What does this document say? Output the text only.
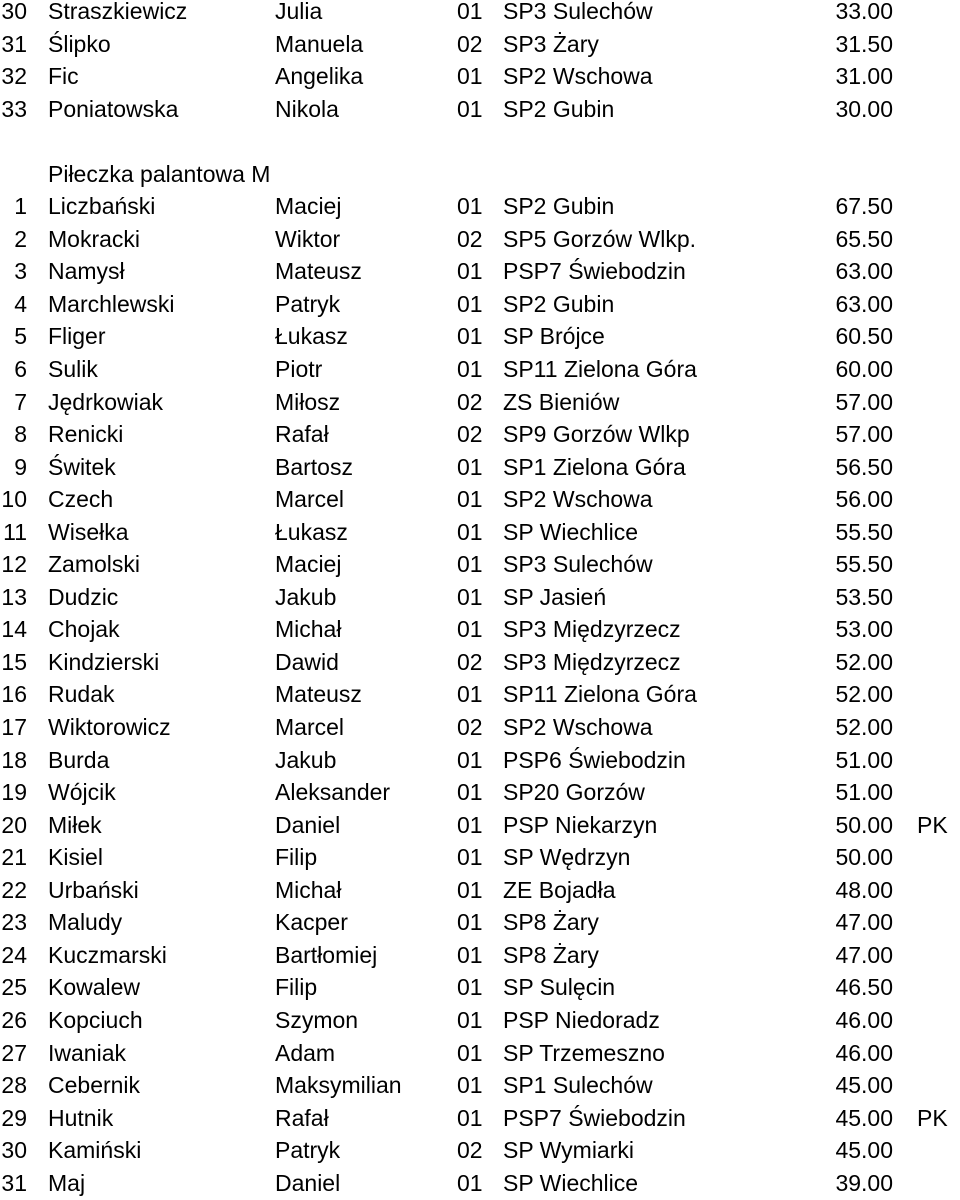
30 Straszkiewicz	Julia	01 SP3 Sulechów	33.00
31 Ślipko	Manuela	02 SP3 Żary	31.50
32 Fic	Angelika	01 SP2 Wschowa	31.00
33 Poniatowska	Nikola	01 SP2 Gubin	30.00
Piłeczka palantowa M
1 Liczbański	Maciej	01 SP2 Gubin	67.50
2 Mokracki	Wiktor	02 SP5 Gorzów Wlkp.	65.50
3 Namysł	Mateusz	01 PSP7 Świebodzin	63.00
4 Marchlewski	Patryk	01 SP2 Gubin	63.00
5 Fliger	Łukasz	01 SP Brójce	60.50
6 Sulik	Piotr	01 SP11 Zielona Góra	60.00
7 Jędrkowiak	Miłosz	02 ZS Bieniów	57.00
8 Renicki	Rafał	02 SP9 Gorzów Wlkp	57.00
9 Świtek	Bartosz	01 SP1 Zielona Góra	56.50
10 Czech	Marcel	01 SP2 Wschowa	56.00
11 Wisełka	Łukasz	01 SP Wiechlice	55.50
12 Zamolski	Maciej	01 SP3 Sulechów	55.50
13 Dudzic	Jakub	01 SP Jasień	53.50
14 Chojak	Michał	01 SP3 Międzyrzecz	53.00
15 Kindzierski	Dawid	02 SP3 Międzyrzecz	52.00
16 Rudak	Mateusz	01 SP11 Zielona Góra	52.00
17 Wiktorowicz	Marcel	02 SP2 Wschowa	52.00
18 Burda	Jakub	01 PSP6 Świebodzin	51.00
19 Wójcik	Aleksander	01 SP20 Gorzów	51.00
20 Miłek	Daniel	01 PSP Niekarzyn	50.00 PK
21 Kisiel	Filip	01 SP Wędrzyn	50.00
22 Urbański	Michał	01 ZE Bojadła	48.00
23 Maludy	Kacper	01 SP8 Żary	47.00
24 Kuczmarski	Bartłomiej	01 SP8 Żary	47.00
25 Kowalew	Filip	01 SP Sulęcin	46.50
26 Kopciuch	Szymon	01 PSP Niedoradz	46.00
27 Iwaniak	Adam	01 SP Trzemeszno	46.00
28 Cebernik	Maksymilian 01 SP1 Sulechów	45.00
29 Hutnik	Rafał	01 PSP7 Świebodzin	45.00 PK
30 Kamiński	Patryk	02 SP Wymiarki	45.00
31 Maj	Daniel	01 SP Wiechlice	39.00
